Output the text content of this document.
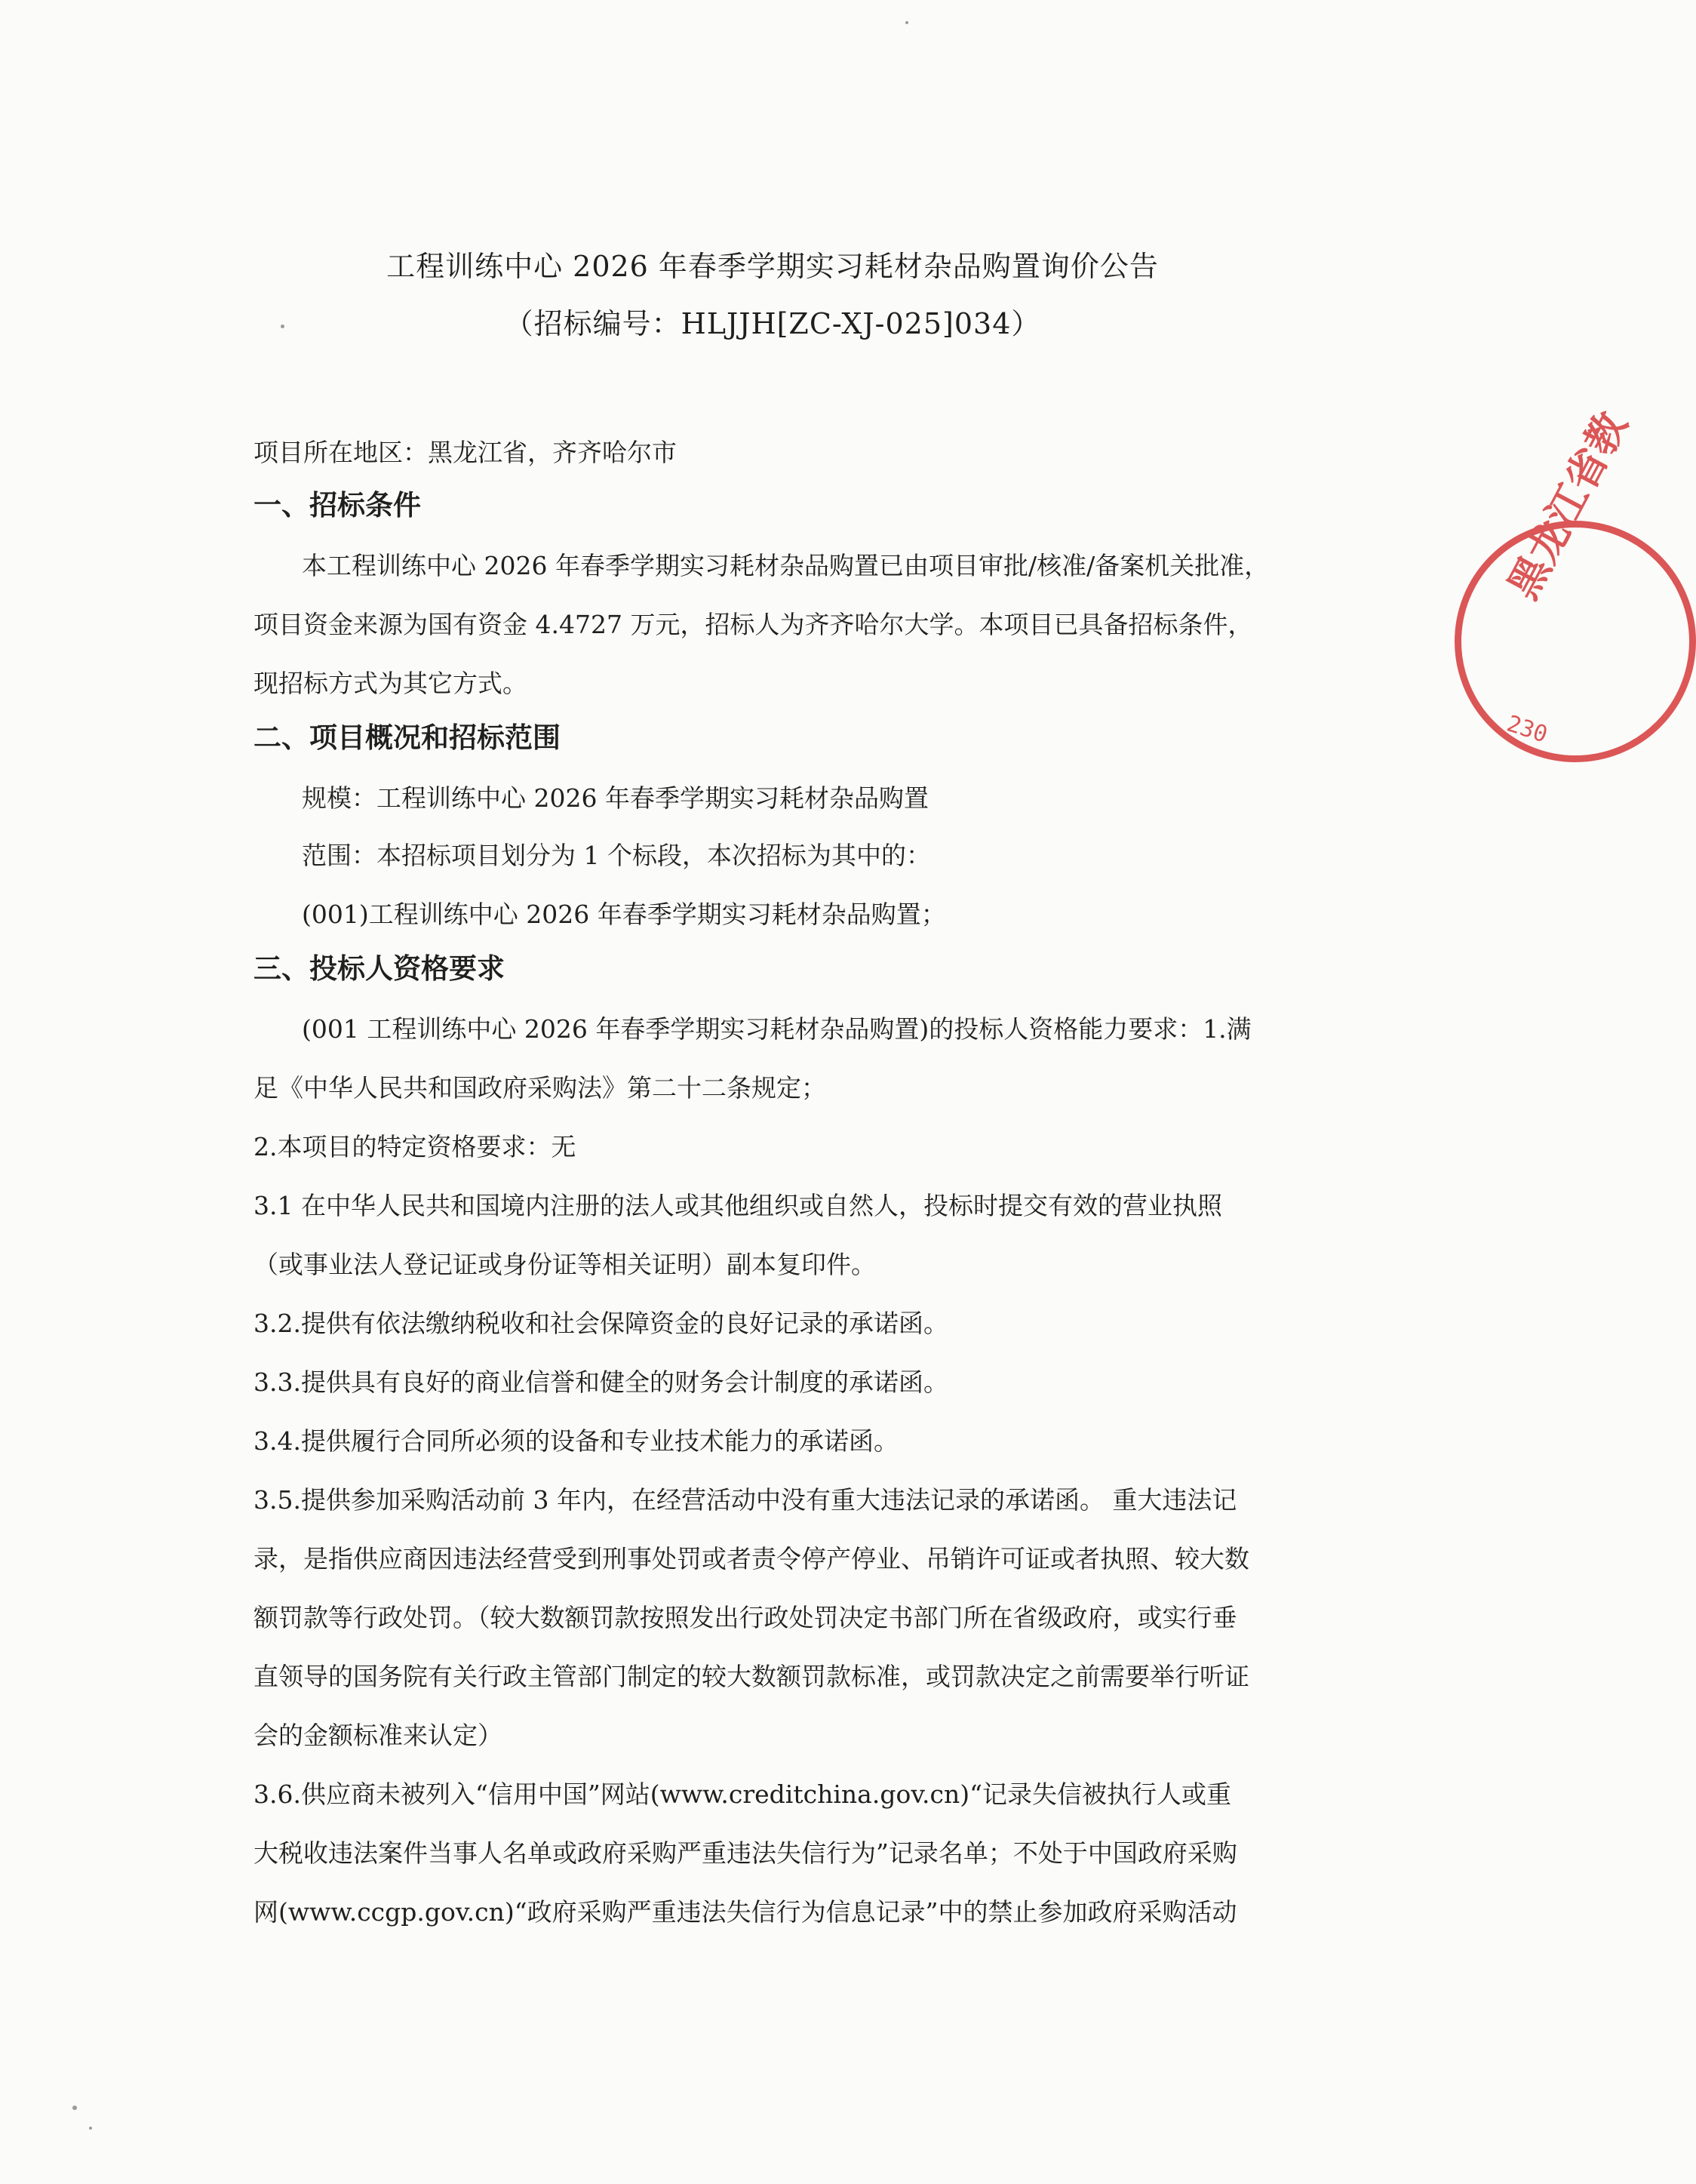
工程训练中心 2026 年春季学期实习耗材杂品购置询价公告
（招标编号：HLJJH[ZC-XJ-025]034）
项目所在地区：黑龙江省，齐齐哈尔市
一、招标条件
本工程训练中心 2026 年春季学期实习耗材杂品购置已由项目审批/核准/备案机关批准，
项目资金来源为国有资金 4.4727 万元，招标人为齐齐哈尔大学。本项目已具备招标条件，
现招标方式为其它方式。
二、项目概况和招标范围
规模：工程训练中心 2026 年春季学期实习耗材杂品购置
范围：本招标项目划分为 1 个标段，本次招标为其中的：
(001)工程训练中心 2026 年春季学期实习耗材杂品购置；
三、投标人资格要求
(001 工程训练中心 2026 年春季学期实习耗材杂品购置)的投标人资格能力要求：1.满
足《中华人民共和国政府采购法》第二十二条规定；
2.本项目的特定资格要求：无
3.1 在中华人民共和国境内注册的法人或其他组织或自然人，投标时提交有效的营业执照
（或事业法人登记证或身份证等相关证明）副本复印件。
3.2.提供有依法缴纳税收和社会保障资金的良好记录的承诺函。
3.3.提供具有良好的商业信誉和健全的财务会计制度的承诺函。
3.4.提供履行合同所必须的设备和专业技术能力的承诺函。
3.5.提供参加采购活动前 3 年内，在经营活动中没有重大违法记录的承诺函。 重大违法记
录，是指供应商因违法经营受到刑事处罚或者责令停产停业、吊销许可证或者执照、较大数
额罚款等行政处罚。（较大数额罚款按照发出行政处罚决定书部门所在省级政府，或实行垂
直领导的国务院有关行政主管部门制定的较大数额罚款标准，或罚款决定之前需要举行听证
会的金额标准来认定）
3.6.供应商未被列入“信用中国”网站(www.creditchina.gov.cn)“记录失信被执行人或重
大税收违法案件当事人名单或政府采购严重违法失信行为”记录名单；不处于中国政府采购
网(www.ccgp.gov.cn)“政府采购严重违法失信行为信息记录”中的禁止参加政府采购活动
黑龙江省教
230
